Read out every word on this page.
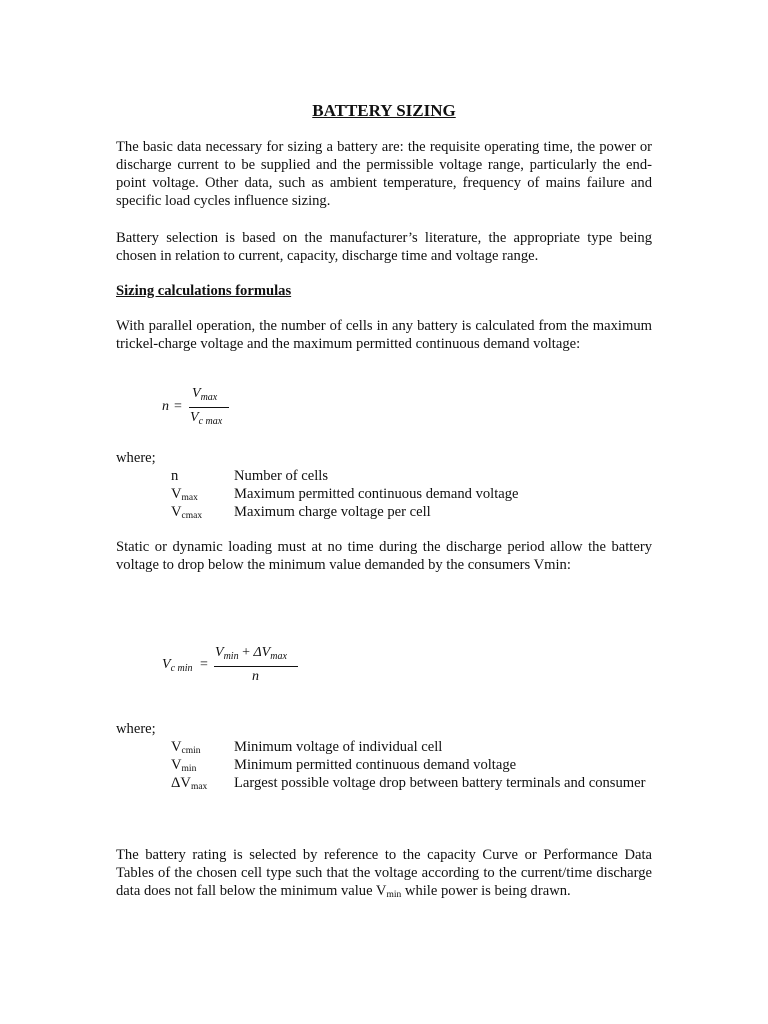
BATTERY SIZING

The basic data necessary for sizing a battery are: the requisite operating time, the power or discharge current to be supplied and the permissible voltage range, particularly the end-point voltage. Other data, such as ambient temperature, frequency of mains failure and specific load cycles influence sizing.

Battery selection is based on the manufacturer’s literature, the appropriate type being chosen in relation to current, capacity, discharge time and voltage range.

Sizing calculations formulas

With parallel operation, the number of cells in any battery is calculated from the maximum trickel-charge voltage and the maximum permitted continuous demand voltage:

n =
$V_{max}$
$V_{c max}$

where;

n	Number of cells
$V_{max}$	Maximum permitted continuous demand voltage
$V_{cmax}$	Maximum charge voltage per cell

Static or dynamic loading must at no time during the discharge period allow the battery voltage to drop below the minimum value demanded by the consumers Vmin:

$V_{c min}$ =
$V_{min} + \Delta V_{max}$
n

where;

$V_{cmin}$	Minimum voltage of individual cell
$V_{min}$	Minimum permitted continuous demand voltage
$\Delta V_{max}$	Largest possible voltage drop between battery terminals and consumer

The battery rating is selected by reference to the capacity Curve or Performance Data Tables of the chosen cell type such that the voltage according to the current/time discharge data does not fall below the minimum value $V_{min}$ while power is being drawn.
